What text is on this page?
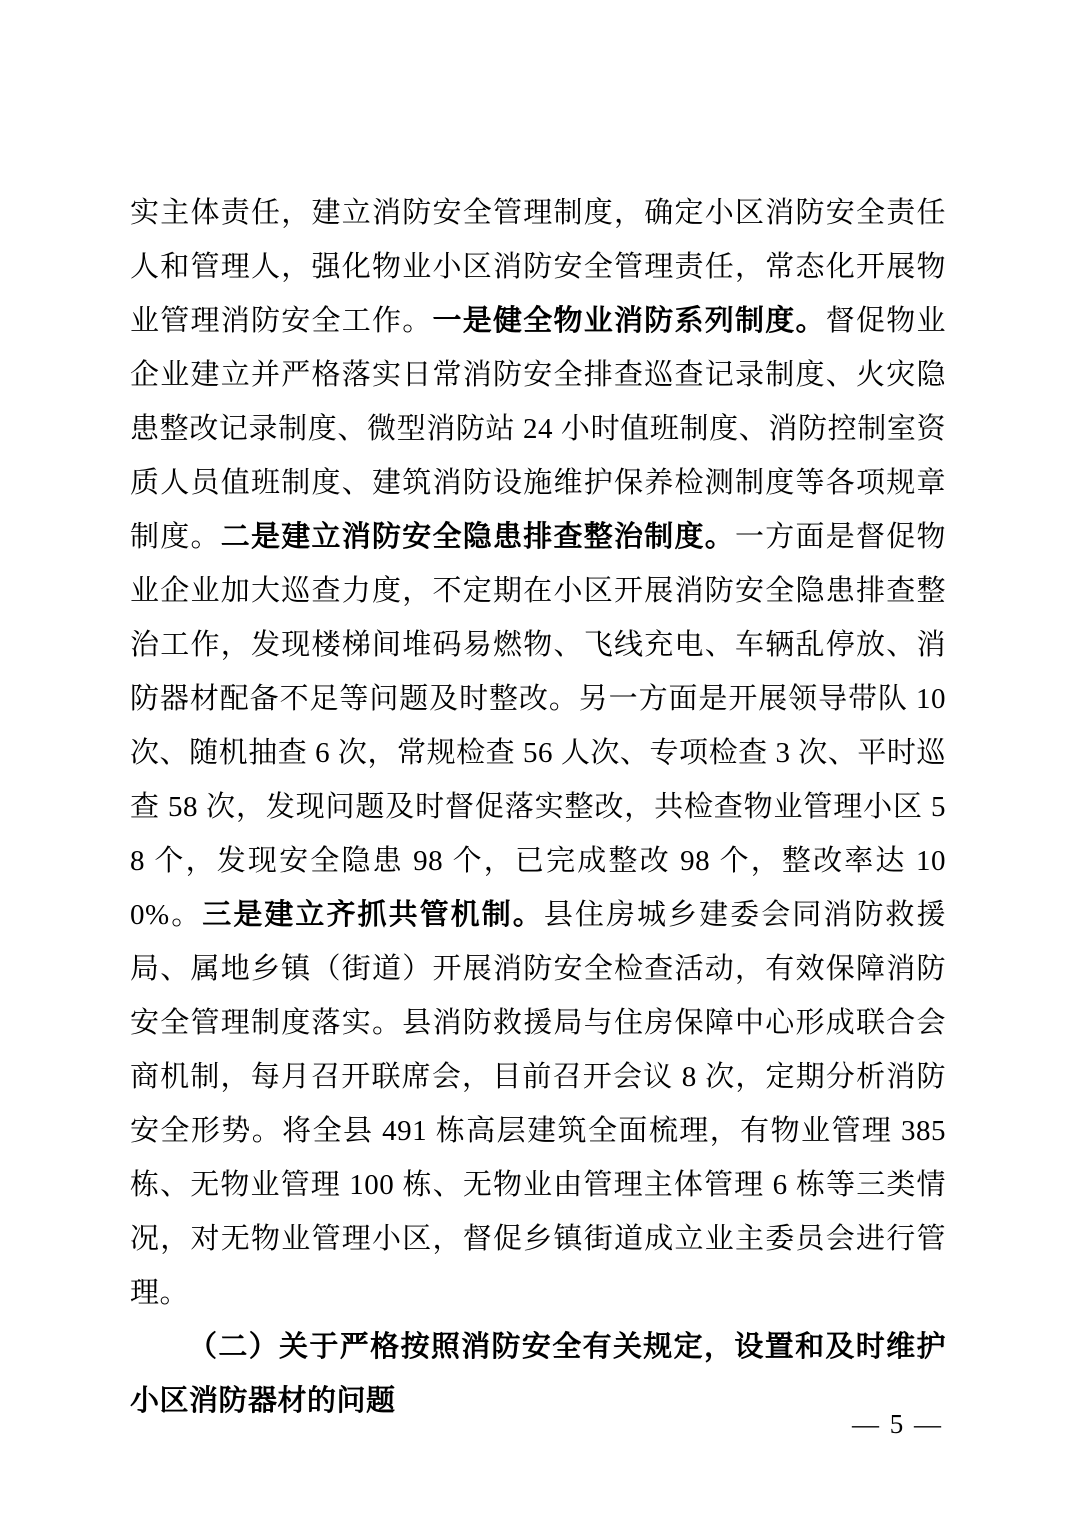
实主体责任，建立消防安全管理制度，确定小区消防安全责任人和管理人，强化物业小区消防安全管理责任，常态化开展物业管理消防安全工作。一是健全物业消防系列制度。督促物业企业建立并严格落实日常消防安全排查巡查记录制度、火灾隐患整改记录制度、微型消防站 24 小时值班制度、消防控制室资质人员值班制度、建筑消防设施维护保养检测制度等各项规章制度。二是建立消防安全隐患排查整治制度。一方面是督促物业企业加大巡查力度，不定期在小区开展消防安全隐患排查整治工作，发现楼梯间堆码易燃物、飞线充电、车辆乱停放、消防器材配备不足等问题及时整改。另一方面是开展领导带队 10 次、随机抽查 6 次，常规检查 56 人次、专项检查 3 次、平时巡查 58 次，发现问题及时督促落实整改，共检查物业管理小区 58 个，发现安全隐患 98 个，已完成整改 98 个，整改率达 100%。三是建立齐抓共管机制。县住房城乡建委会同消防救援局、属地乡镇（街道）开展消防安全检查活动，有效保障消防安全管理制度落实。县消防救援局与住房保障中心形成联合会商机制，每月召开联席会，目前召开会议 8 次，定期分析消防安全形势。将全县 491 栋高层建筑全面梳理，有物业管理 385 栋、无物业管理 100 栋、无物业由管理主体管理 6 栋等三类情况，对无物业管理小区，督促乡镇街道成立业主委员会进行管理。

（二）关于严格按照消防安全有关规定，设置和及时维护小区消防器材的问题

— 5 —
